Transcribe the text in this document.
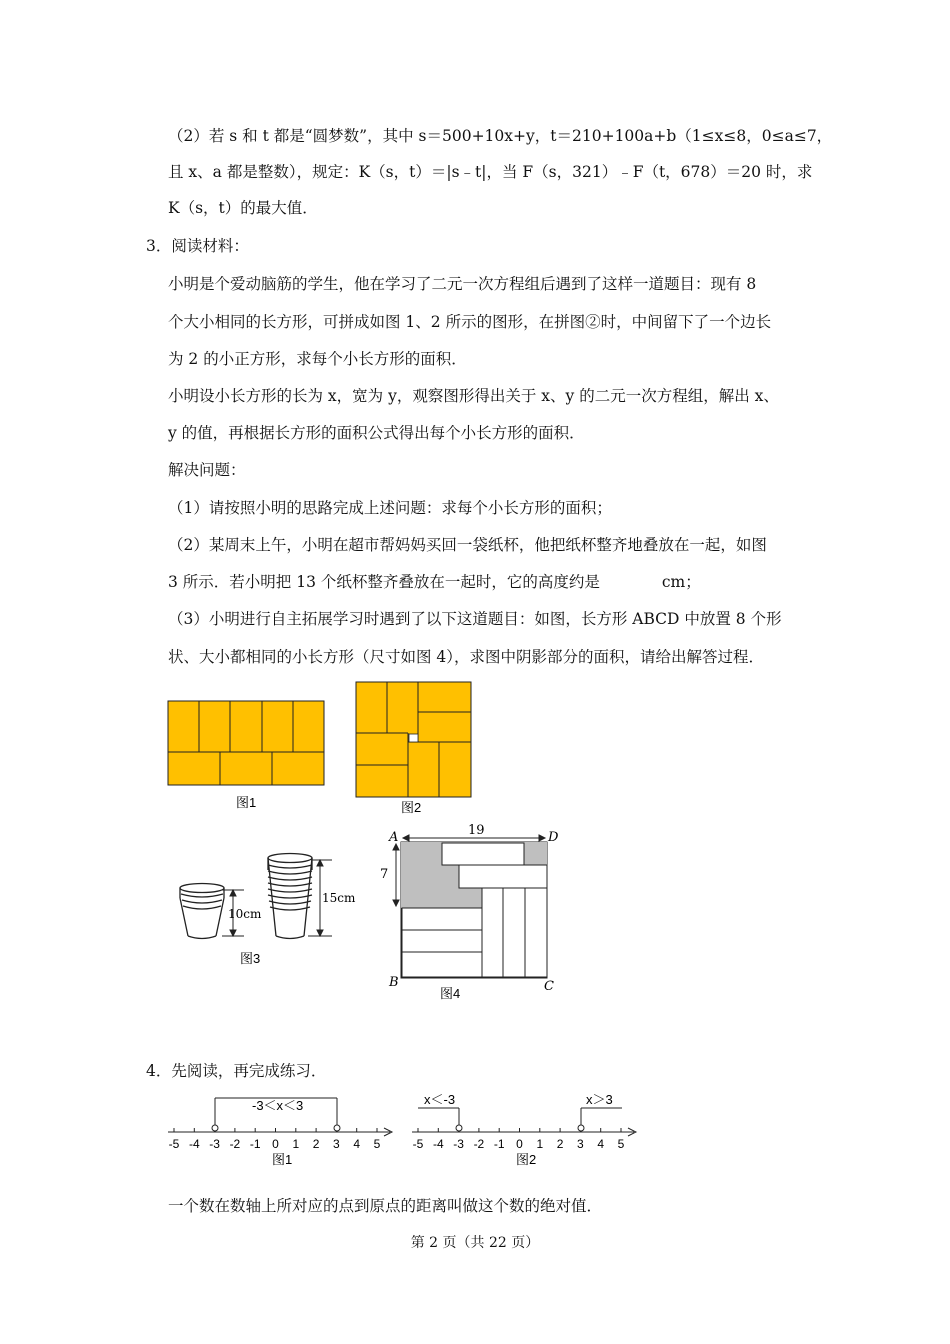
（2）若 s 和 t 都是“圆梦数”，其中 s＝500+10x+y，t＝210+100a+b（1≤x≤8，0≤a≤7，
且 x、a 都是整数），规定：K（s，t）＝|s﹣t|，当 F（s，321）﹣F（t，678）＝20 时，求
K（s，t）的最大值．
3．阅读材料：
小明是个爱动脑筋的学生，他在学习了二元一次方程组后遇到了这样一道题目：现有 8
个大小相同的长方形，可拼成如图 1、2 所示的图形，在拼图②时，中间留下了一个边长
为 2 的小正方形，求每个小长方形的面积．
小明设小长方形的长为 x，宽为 y，观察图形得出关于 x、y 的二元一次方程组，解出 x、
y 的值，再根据长方形的面积公式得出每个小长方形的面积．
解决问题：
（1）请按照小明的思路完成上述问题：求每个小长方形的面积；
（2）某周末上午，小明在超市帮妈妈买回一袋纸杯，他把纸杯整齐地叠放在一起，如图
3 所示．若小明把 13 个纸杯整齐叠放在一起时，它的高度约是	cm；
（3）小明进行自主拓展学习时遇到了以下这道题目：如图，长方形 ABCD 中放置 8 个形
状、大小都相同的小长方形（尺寸如图 4），求图中阴影部分的面积，请给出解答过程．
图1	图2
10cm
15cm
图3
19
7
A	D
B	C
图4
4．先阅读，再完成练习．
-5 -4 -3 -2 -1 0 1 2 3 4 5
-3＜x＜3
图1
-5 -4 -3 -2 -1 0 1 2 3 4 5
x＜-3	x＞3
图2
一个数在数轴上所对应的点到原点的距离叫做这个数的绝对值．
第 2 页（共 22 页）
